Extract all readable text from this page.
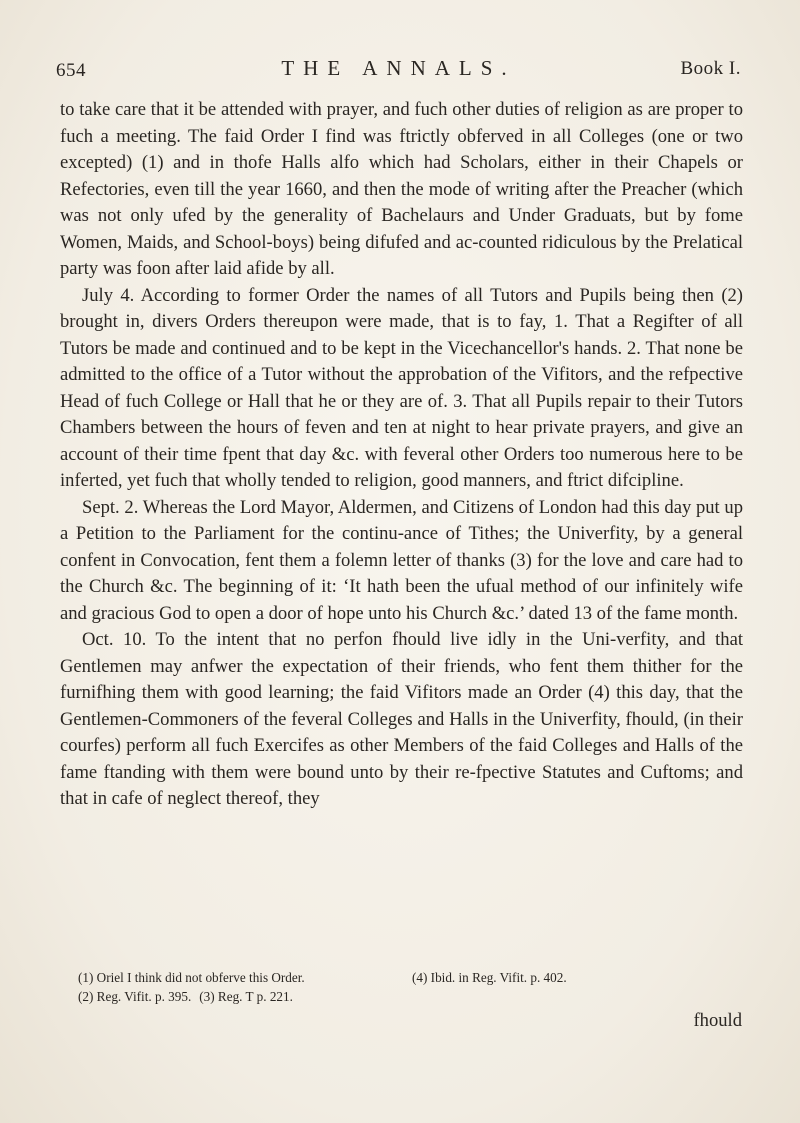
654	THE ANNALS.	Book I.

to take care that it be attended with prayer, and fuch other duties of religion as are proper to fuch a meeting. The faid Order I find was ftrictly obferved in all Colleges (one or two excepted) (1) and in thofe Halls alfo which had Scholars, either in their Chapels or Refectories, even till the year 1660, and then the mode of writing after the Preacher (which was not only ufed by the generality of Bachelaurs and Under Graduats, but by fome Women, Maids, and School-boys) being difufed and ac-counted ridiculous by the Prelatical party was foon after laid afide by all.

July 4. According to former Order the names of all Tutors and Pupils being then (2) brought in, divers Orders thereupon were made, that is to fay, 1. That a Regifter of all Tutors be made and continued and to be kept in the Vicechancellor's hands. 2. That none be admitted to the office of a Tutor without the approbation of the Vifitors, and the refpective Head of fuch College or Hall that he or they are of. 3. That all Pupils repair to their Tutors Chambers between the hours of feven and ten at night to hear private prayers, and give an account of their time fpent that day &c. with feveral other Orders too numerous here to be inferted, yet fuch that wholly tended to religion, good manners, and ftrict difcipline.

Sept. 2. Whereas the Lord Mayor, Aldermen, and Citizens of London had this day put up a Petition to the Parliament for the continu-ance of Tithes; the Univerfity, by a general confent in Convocation, fent them a folemn letter of thanks (3) for the love and care had to the Church &c. The beginning of it: ‘It hath been the ufual method of our infinitely wife and gracious God to open a door of hope unto his Church &c.’ dated 13 of the fame month.

Oct. 10. To the intent that no perfon fhould live idly in the Uni-verfity, and that Gentlemen may anfwer the expectation of their friends, who fent them thither for the furnifhing them with good learning; the faid Vifitors made an Order (4) this day, that the Gentlemen-Commoners of the feveral Colleges and Halls in the Univerfity, fhould, (in their courfes) perform all fuch Exercifes as other Members of the faid Colleges and Halls of the fame ftanding with them were bound unto by their re-fpective Statutes and Cuftoms; and that in cafe of neglect thereof, they

(1) Oriel I think did not obferve this Order.	(4) Ibid. in Reg. Vifit. p. 402.
(2) Reg. Vifit. p. 395. (3) Reg. T p. 221.
fhould
